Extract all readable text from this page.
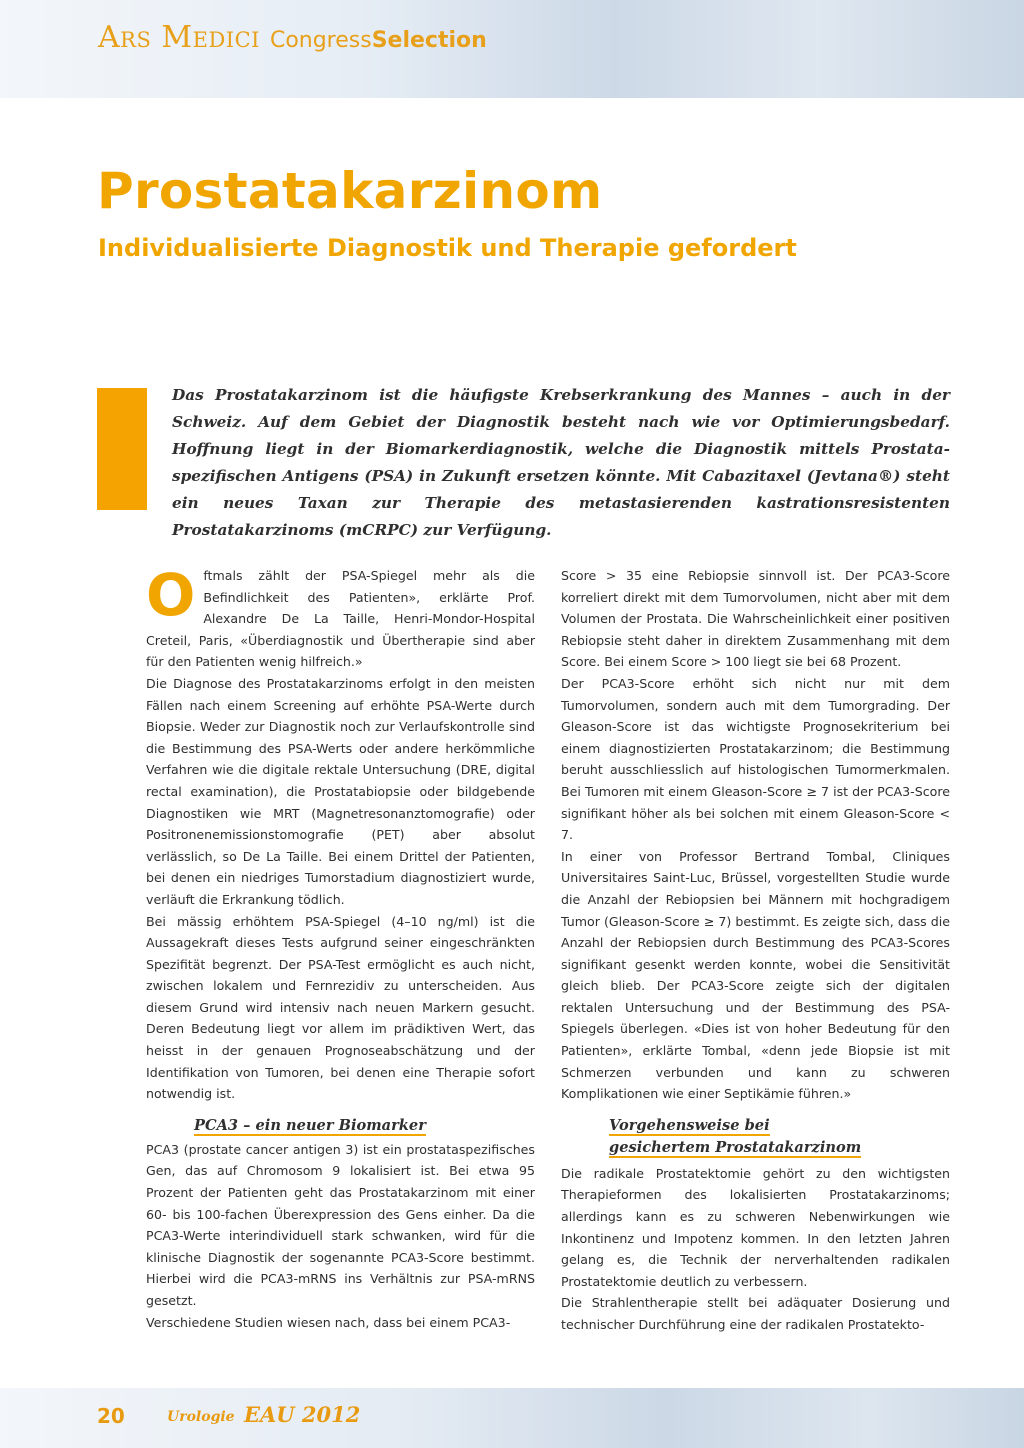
Ars Medici Congress Selection
Prostatakarzinom
Individualisierte Diagnostik und Therapie gefordert

Das Prostatakarzinom ist die häufigste Krebserkrankung des Mannes – auch in der Schweiz. Auf dem Gebiet der Diagnostik besteht nach wie vor Optimierungsbedarf. Hoffnung liegt in der Biomarkerdiagnostik, welche die Diagnostik mittels Prostata-spezifischen Antigens (PSA) in Zukunft ersetzen könnte. Mit Cabazitaxel (Jevtana®) steht ein neues Taxan zur Therapie des metastasierenden kastrationsresistenten Prostatakarzinoms (mCRPC) zur Verfügung.

Oftmals zählt der PSA-Spiegel mehr als die Befindlichkeit des Patienten», erklärte Prof. Alexandre De La Taille, Henri-Mondor-Hospital Creteil, Paris, «Überdiagnostik und Übertherapie sind aber für den Patienten wenig hilfreich.»

Die Diagnose des Prostatakarzinoms erfolgt in den meisten Fällen nach einem Screening auf erhöhte PSA-Werte durch Biopsie. Weder zur Diagnostik noch zur Verlaufskontrolle sind die Bestimmung des PSA-Werts oder andere herkömmliche Verfahren wie die digitale rektale Untersuchung (DRE, digital rectal examination), die Prostatabiopsie oder bildgebende Diagnostiken wie MRT (Magnetresonanztomografie) oder Positronenemissionstomografie (PET) aber absolut verlässlich, so De La Taille. Bei einem Drittel der Patienten, bei denen ein niedriges Tumorstadium diagnostiziert wurde, verläuft die Erkrankung tödlich.

Bei mässig erhöhtem PSA-Spiegel (4–10 ng/ml) ist die Aussagekraft dieses Tests aufgrund seiner eingeschränkten Spezifität begrenzt. Der PSA-Test ermöglicht es auch nicht, zwischen lokalem und Fernrezidiv zu unterscheiden. Aus diesem Grund wird intensiv nach neuen Markern gesucht. Deren Bedeutung liegt vor allem im prädiktiven Wert, das heisst in der genauen Prognoseabschätzung und der Identifikation von Tumoren, bei denen eine Therapie sofort notwendig ist.

PCA3 – ein neuer Biomarker

PCA3 (prostate cancer antigen 3) ist ein prostataspezifisches Gen, das auf Chromosom 9 lokalisiert ist. Bei etwa 95 Prozent der Patienten geht das Prostatakarzinom mit einer 60- bis 100-fachen Überexpression des Gens einher. Da die PCA3-Werte interindividuell stark schwanken, wird für die klinische Diagnostik der sogenannte PCA3-Score bestimmt. Hierbei wird die PCA3-mRNS ins Verhältnis zur PSA-mRNS gesetzt.

Verschiedene Studien wiesen nach, dass bei einem PCA3-

Score > 35 eine Rebiopsie sinnvoll ist. Der PCA3-Score korreliert direkt mit dem Tumorvolumen, nicht aber mit dem Volumen der Prostata. Die Wahrscheinlichkeit einer positiven Rebiopsie steht daher in direktem Zusammenhang mit dem Score. Bei einem Score > 100 liegt sie bei 68 Prozent.

Der PCA3-Score erhöht sich nicht nur mit dem Tumorvolumen, sondern auch mit dem Tumorgrading. Der Gleason-Score ist das wichtigste Prognosekriterium bei einem diagnostizierten Prostatakarzinom; die Bestimmung beruht ausschliesslich auf histologischen Tumormerkmalen. Bei Tumoren mit einem Gleason-Score ≥ 7 ist der PCA3-Score signifikant höher als bei solchen mit einem Gleason-Score < 7.

In einer von Professor Bertrand Tombal, Cliniques Universitaires Saint-Luc, Brüssel, vorgestellten Studie wurde die Anzahl der Rebiopsien bei Männern mit hochgradigem Tumor (Gleason-Score ≥ 7) bestimmt. Es zeigte sich, dass die Anzahl der Rebiopsien durch Bestimmung des PCA3-Scores signifikant gesenkt werden konnte, wobei die Sensitivität gleich blieb. Der PCA3-Score zeigte sich der digitalen rektalen Untersuchung und der Bestimmung des PSA-Spiegels überlegen. «Dies ist von hoher Bedeutung für den Patienten», erklärte Tombal, «denn jede Biopsie ist mit Schmerzen verbunden und kann zu schweren Komplikationen wie einer Septikämie führen.»

Vorgehensweise bei
gesichertem Prostatakarzinom

Die radikale Prostatektomie gehört zu den wichtigsten Therapieformen des lokalisierten Prostatakarzinoms; allerdings kann es zu schweren Nebenwirkungen wie Inkontinenz und Impotenz kommen. In den letzten Jahren gelang es, die Technik der nerverhaltenden radikalen Prostatektomie deutlich zu verbessern.

Die Strahlentherapie stellt bei adäquater Dosierung und technischer Durchführung eine der radikalen Prostatekto-

20	Urologie EAU 2012
